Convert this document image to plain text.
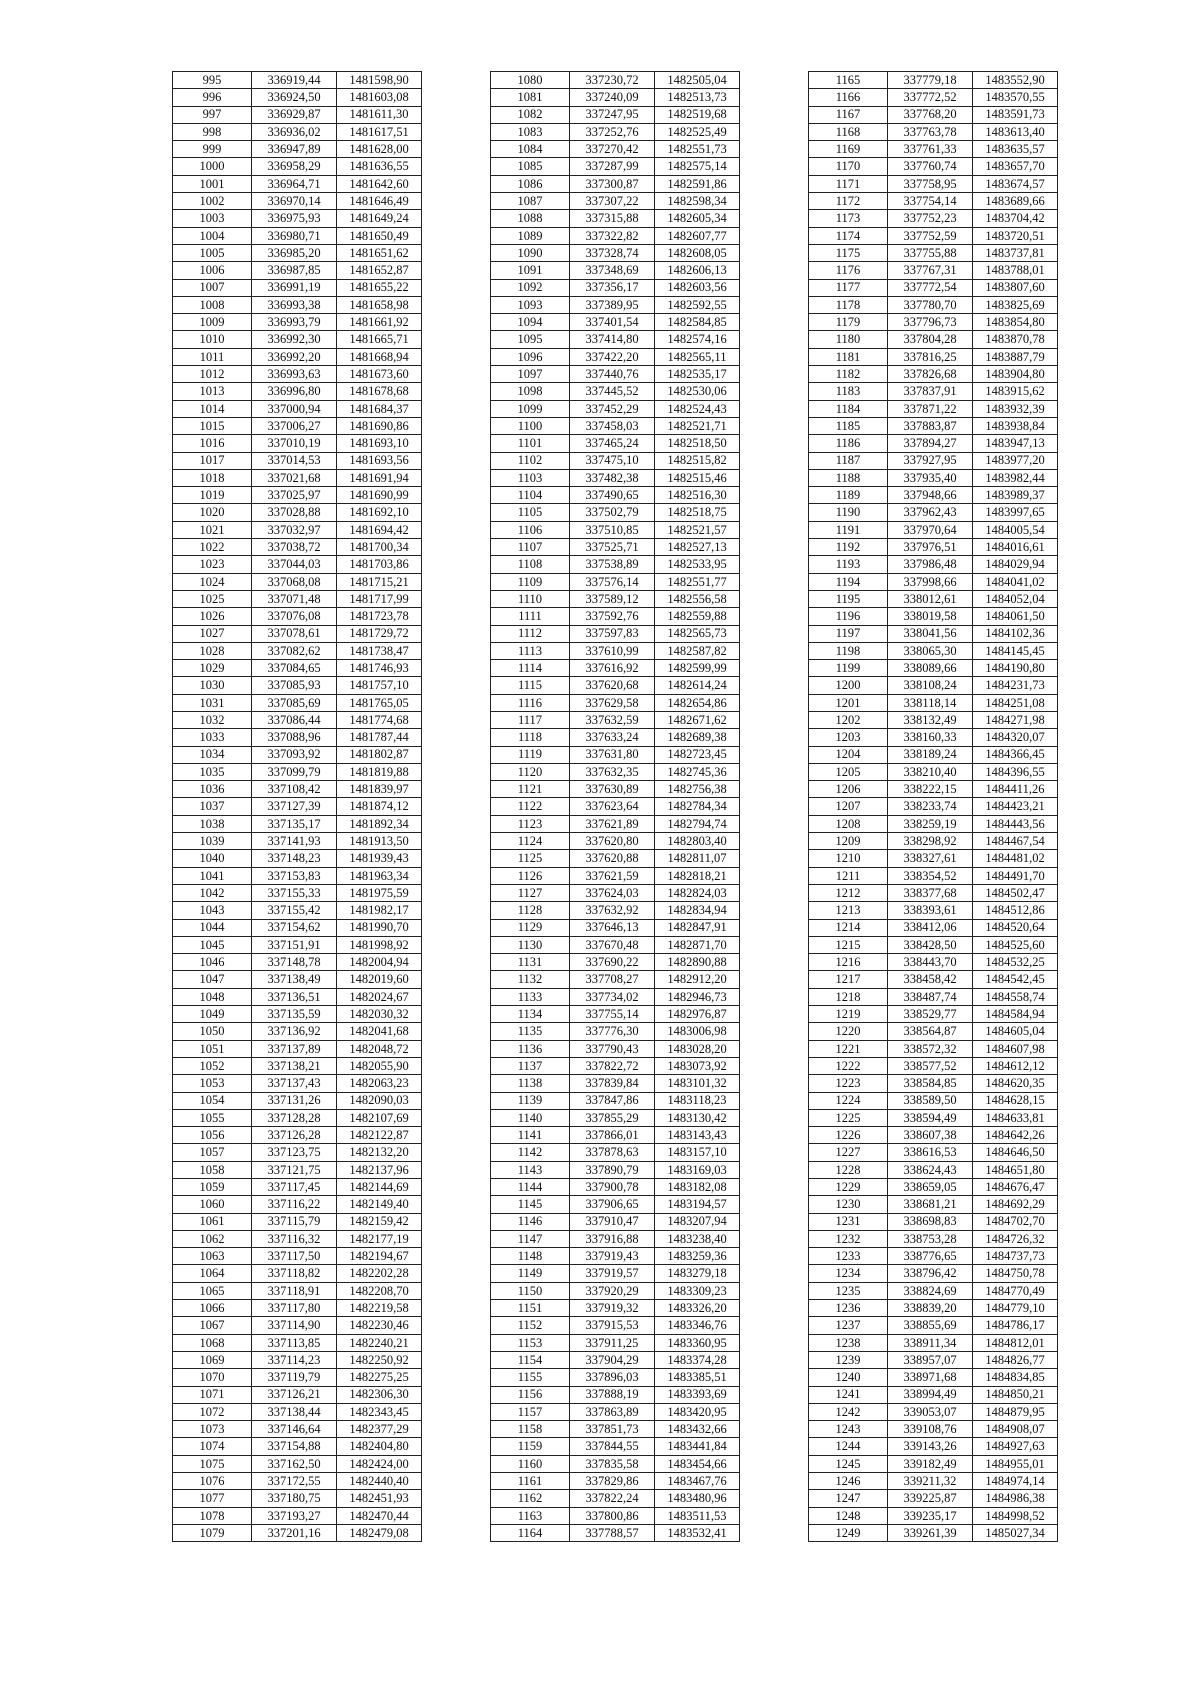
995	336919,44	1481598,90
996	336924,50	1481603,08
997	336929,87	1481611,30
998	336936,02	1481617,51
999	336947,89	1481628,00
1000	336958,29	1481636,55
1001	336964,71	1481642,60
1002	336970,14	1481646,49
1003	336975,93	1481649,24
1004	336980,71	1481650,49
1005	336985,20	1481651,62
1006	336987,85	1481652,87
1007	336991,19	1481655,22
1008	336993,38	1481658,98
1009	336993,79	1481661,92
1010	336992,30	1481665,71
1011	336992,20	1481668,94
1012	336993,63	1481673,60
1013	336996,80	1481678,68
1014	337000,94	1481684,37
1015	337006,27	1481690,86
1016	337010,19	1481693,10
1017	337014,53	1481693,56
1018	337021,68	1481691,94
1019	337025,97	1481690,99
1020	337028,88	1481692,10
1021	337032,97	1481694,42
1022	337038,72	1481700,34
1023	337044,03	1481703,86
1024	337068,08	1481715,21
1025	337071,48	1481717,99
1026	337076,08	1481723,78
1027	337078,61	1481729,72
1028	337082,62	1481738,47
1029	337084,65	1481746,93
1030	337085,93	1481757,10
1031	337085,69	1481765,05
1032	337086,44	1481774,68
1033	337088,96	1481787,44
1034	337093,92	1481802,87
1035	337099,79	1481819,88
1036	337108,42	1481839,97
1037	337127,39	1481874,12
1038	337135,17	1481892,34
1039	337141,93	1481913,50
1040	337148,23	1481939,43
1041	337153,83	1481963,34
1042	337155,33	1481975,59
1043	337155,42	1481982,17
1044	337154,62	1481990,70
1045	337151,91	1481998,92
1046	337148,78	1482004,94
1047	337138,49	1482019,60
1048	337136,51	1482024,67
1049	337135,59	1482030,32
1050	337136,92	1482041,68
1051	337137,89	1482048,72
1052	337138,21	1482055,90
1053	337137,43	1482063,23
1054	337131,26	1482090,03
1055	337128,28	1482107,69
1056	337126,28	1482122,87
1057	337123,75	1482132,20
1058	337121,75	1482137,96
1059	337117,45	1482144,69
1060	337116,22	1482149,40
1061	337115,79	1482159,42
1062	337116,32	1482177,19
1063	337117,50	1482194,67
1064	337118,82	1482202,28
1065	337118,91	1482208,70
1066	337117,80	1482219,58
1067	337114,90	1482230,46
1068	337113,85	1482240,21
1069	337114,23	1482250,92
1070	337119,79	1482275,25
1071	337126,21	1482306,30
1072	337138,44	1482343,45
1073	337146,64	1482377,29
1074	337154,88	1482404,80
1075	337162,50	1482424,00
1076	337172,55	1482440,40
1077	337180,75	1482451,93
1078	337193,27	1482470,44
1079	337201,16	1482479,08
1080	337230,72	1482505,04
1081	337240,09	1482513,73
1082	337247,95	1482519,68
1083	337252,76	1482525,49
1084	337270,42	1482551,73
1085	337287,99	1482575,14
1086	337300,87	1482591,86
1087	337307,22	1482598,34
1088	337315,88	1482605,34
1089	337322,82	1482607,77
1090	337328,74	1482608,05
1091	337348,69	1482606,13
1092	337356,17	1482603,56
1093	337389,95	1482592,55
1094	337401,54	1482584,85
1095	337414,80	1482574,16
1096	337422,20	1482565,11
1097	337440,76	1482535,17
1098	337445,52	1482530,06
1099	337452,29	1482524,43
1100	337458,03	1482521,71
1101	337465,24	1482518,50
1102	337475,10	1482515,82
1103	337482,38	1482515,46
1104	337490,65	1482516,30
1105	337502,79	1482518,75
1106	337510,85	1482521,57
1107	337525,71	1482527,13
1108	337538,89	1482533,95
1109	337576,14	1482551,77
1110	337589,12	1482556,58
1111	337592,76	1482559,88
1112	337597,83	1482565,73
1113	337610,99	1482587,82
1114	337616,92	1482599,99
1115	337620,68	1482614,24
1116	337629,58	1482654,86
1117	337632,59	1482671,62
1118	337633,24	1482689,38
1119	337631,80	1482723,45
1120	337632,35	1482745,36
1121	337630,89	1482756,38
1122	337623,64	1482784,34
1123	337621,89	1482794,74
1124	337620,80	1482803,40
1125	337620,88	1482811,07
1126	337621,59	1482818,21
1127	337624,03	1482824,03
1128	337632,92	1482834,94
1129	337646,13	1482847,91
1130	337670,48	1482871,70
1131	337690,22	1482890,88
1132	337708,27	1482912,20
1133	337734,02	1482946,73
1134	337755,14	1482976,87
1135	337776,30	1483006,98
1136	337790,43	1483028,20
1137	337822,72	1483073,92
1138	337839,84	1483101,32
1139	337847,86	1483118,23
1140	337855,29	1483130,42
1141	337866,01	1483143,43
1142	337878,63	1483157,10
1143	337890,79	1483169,03
1144	337900,78	1483182,08
1145	337906,65	1483194,57
1146	337910,47	1483207,94
1147	337916,88	1483238,40
1148	337919,43	1483259,36
1149	337919,57	1483279,18
1150	337920,29	1483309,23
1151	337919,32	1483326,20
1152	337915,53	1483346,76
1153	337911,25	1483360,95
1154	337904,29	1483374,28
1155	337896,03	1483385,51
1156	337888,19	1483393,69
1157	337863,89	1483420,95
1158	337851,73	1483432,66
1159	337844,55	1483441,84
1160	337835,58	1483454,66
1161	337829,86	1483467,76
1162	337822,24	1483480,96
1163	337800,86	1483511,53
1164	337788,57	1483532,41
1165	337779,18	1483552,90
1166	337772,52	1483570,55
1167	337768,20	1483591,73
1168	337763,78	1483613,40
1169	337761,33	1483635,57
1170	337760,74	1483657,70
1171	337758,95	1483674,57
1172	337754,14	1483689,66
1173	337752,23	1483704,42
1174	337752,59	1483720,51
1175	337755,88	1483737,81
1176	337767,31	1483788,01
1177	337772,54	1483807,60
1178	337780,70	1483825,69
1179	337796,73	1483854,80
1180	337804,28	1483870,78
1181	337816,25	1483887,79
1182	337826,68	1483904,80
1183	337837,91	1483915,62
1184	337871,22	1483932,39
1185	337883,87	1483938,84
1186	337894,27	1483947,13
1187	337927,95	1483977,20
1188	337935,40	1483982,44
1189	337948,66	1483989,37
1190	337962,43	1483997,65
1191	337970,64	1484005,54
1192	337976,51	1484016,61
1193	337986,48	1484029,94
1194	337998,66	1484041,02
1195	338012,61	1484052,04
1196	338019,58	1484061,50
1197	338041,56	1484102,36
1198	338065,30	1484145,45
1199	338089,66	1484190,80
1200	338108,24	1484231,73
1201	338118,14	1484251,08
1202	338132,49	1484271,98
1203	338160,33	1484320,07
1204	338189,24	1484366,45
1205	338210,40	1484396,55
1206	338222,15	1484411,26
1207	338233,74	1484423,21
1208	338259,19	1484443,56
1209	338298,92	1484467,54
1210	338327,61	1484481,02
1211	338354,52	1484491,70
1212	338377,68	1484502,47
1213	338393,61	1484512,86
1214	338412,06	1484520,64
1215	338428,50	1484525,60
1216	338443,70	1484532,25
1217	338458,42	1484542,45
1218	338487,74	1484558,74
1219	338529,77	1484584,94
1220	338564,87	1484605,04
1221	338572,32	1484607,98
1222	338577,52	1484612,12
1223	338584,85	1484620,35
1224	338589,50	1484628,15
1225	338594,49	1484633,81
1226	338607,38	1484642,26
1227	338616,53	1484646,50
1228	338624,43	1484651,80
1229	338659,05	1484676,47
1230	338681,21	1484692,29
1231	338698,83	1484702,70
1232	338753,28	1484726,32
1233	338776,65	1484737,73
1234	338796,42	1484750,78
1235	338824,69	1484770,49
1236	338839,20	1484779,10
1237	338855,69	1484786,17
1238	338911,34	1484812,01
1239	338957,07	1484826,77
1240	338971,68	1484834,85
1241	338994,49	1484850,21
1242	339053,07	1484879,95
1243	339108,76	1484908,07
1244	339143,26	1484927,63
1245	339182,49	1484955,01
1246	339211,32	1484974,14
1247	339225,87	1484986,38
1248	339235,17	1484998,52
1249	339261,39	1485027,34
